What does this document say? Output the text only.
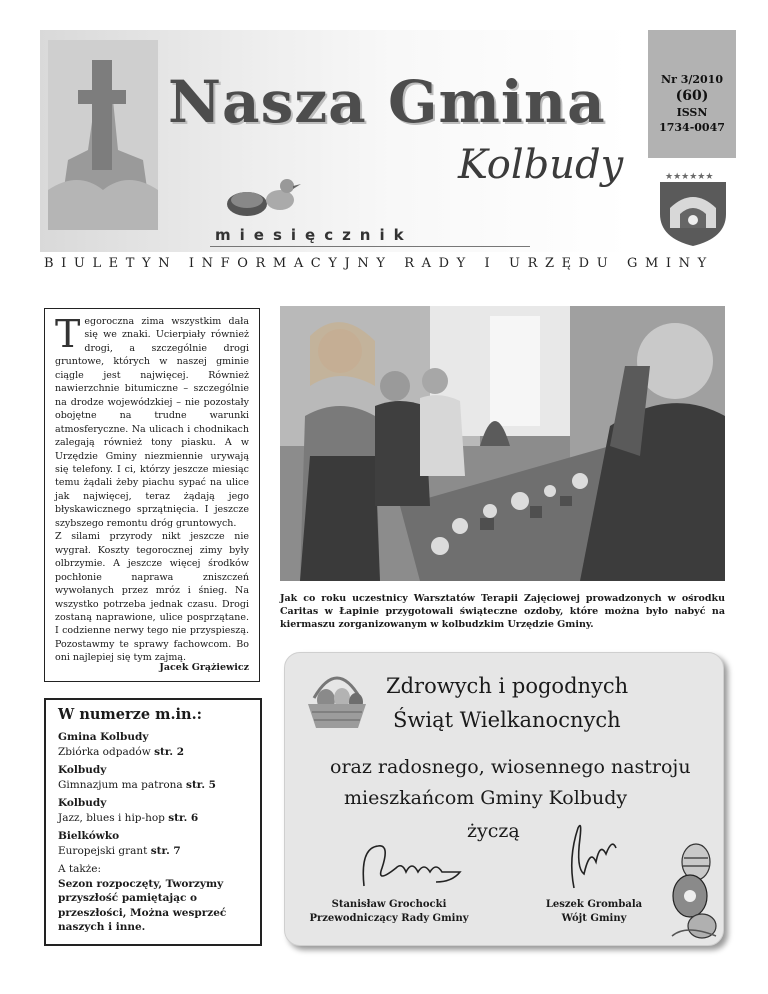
Nasza Gmina
Kolbudy
miesięcznik
BIULETYN INFORMACYJNY RADY I URZĘDU GMINY
Nr 3/2010
(60)
ISSN
1734-0047
★★★★★★
Tegoroczna zima wszystkim dała się we znaki. Ucierpiały również drogi, a szczególnie drogi gruntowe, których w naszej gminie ciągle jest najwięcej. Również nawierzchnie bitumiczne – szczególnie na drodze wojewódzkiej – nie pozostały obojętne na trudne warunki atmosferyczne. Na ulicach i chodnikach zalegają również tony piasku. A w Urzędzie Gminy niezmiennie urywają się telefony. I ci, którzy jeszcze miesiąc temu żądali żeby piachu sypać na ulice jak najwięcej, teraz żądają jego błyskawicznego sprzątnięcia. I jeszcze szybszego remontu dróg gruntowych.
Z silami przyrody nikt jeszcze nie wygrał. Koszty tegorocznej zimy były olbrzymie. A jeszcze więcej środków pochłonie naprawa zniszczeń wywołanych przez mróz i śnieg. Na wszystko potrzeba jednak czasu. Drogi zostaną naprawione, ulice posprzątane. I codzienne nerwy tego nie przyspieszą. Pozostawmy te sprawy fachowcom. Bo oni najlepiej się tym zajmą.
Jacek Grążiewicz
W numerze m.in.:
Gmina Kolbudy
Zbiórka odpadów str. 2
Kolbudy
Gimnazjum ma patrona str. 5
Kolbudy
Jazz, blues i hip-hop str. 6
Bielkówko
Europejski grant str. 7
A także:
Sezon rozpoczęty, Tworzymy przyszłość pamiętając o przeszłości, Można wesprzeć naszych i inne.
Jak co roku uczestnicy Warsztatów Terapii Zajęciowej prowadzonych w ośrodku Caritas w Łapinie przygotowali świąteczne ozdoby, które można było nabyć na kiermaszu zorganizowanym w kolbudzkim Urzędzie Gminy.
Zdrowych i pogodnych
Świąt Wielkanocnych
oraz radosnego, wiosennego nastroju
mieszkańcom Gminy Kolbudy
życzą
Stanisław Grochocki
Przewodniczący Rady Gminy
Leszek Grombala
Wójt Gminy
